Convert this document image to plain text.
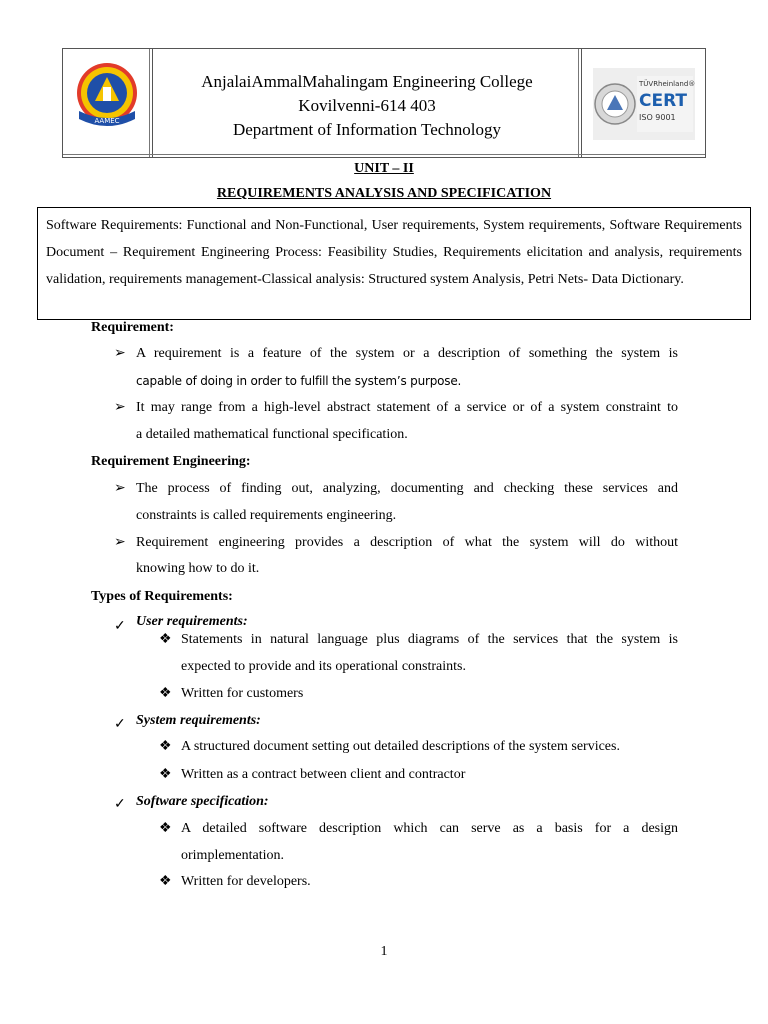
AAMEC
AnjalaiAmmalMahalingam Engineering College
Kovilvenni-614 403
Department of Information Technology
TÜVRheinland®
CERT
ISO 9001
UNIT – II
REQUIREMENTS ANALYSIS AND SPECIFICATION
Software Requirements: Functional and Non-Functional, User requirements, System requirements, Software Requirements Document – Requirement Engineering Process: Feasibility Studies, Requirements elicitation and analysis, requirements validation, requirements management-Classical analysis: Structured system Analysis, Petri Nets- Data Dictionary.
Requirement:
➢ A requirement is a feature of the system or a description of something the system is
capable of doing in order to fulfill the system’s purpose.
➢ It may range from a high-level abstract statement of a service or of a system constraint to
a detailed mathematical functional specification.
Requirement Engineering:
➢ The process of finding out, analyzing, documenting and checking these services and
constraints is called requirements engineering.
➢ Requirement engineering provides a description of what the system will do without
knowing how to do it.
Types of Requirements:
✓ User requirements:
❖ Statements in natural language plus diagrams of the services that the system is
expected to provide and its operational constraints.
❖ Written for customers
✓ System requirements:
❖ A structured document setting out detailed descriptions of the system services.
❖ Written as a contract between client and contractor
✓ Software specification:
❖ A detailed software description which can serve as a basis for a design
orimplementation.
❖ Written for developers.
1
